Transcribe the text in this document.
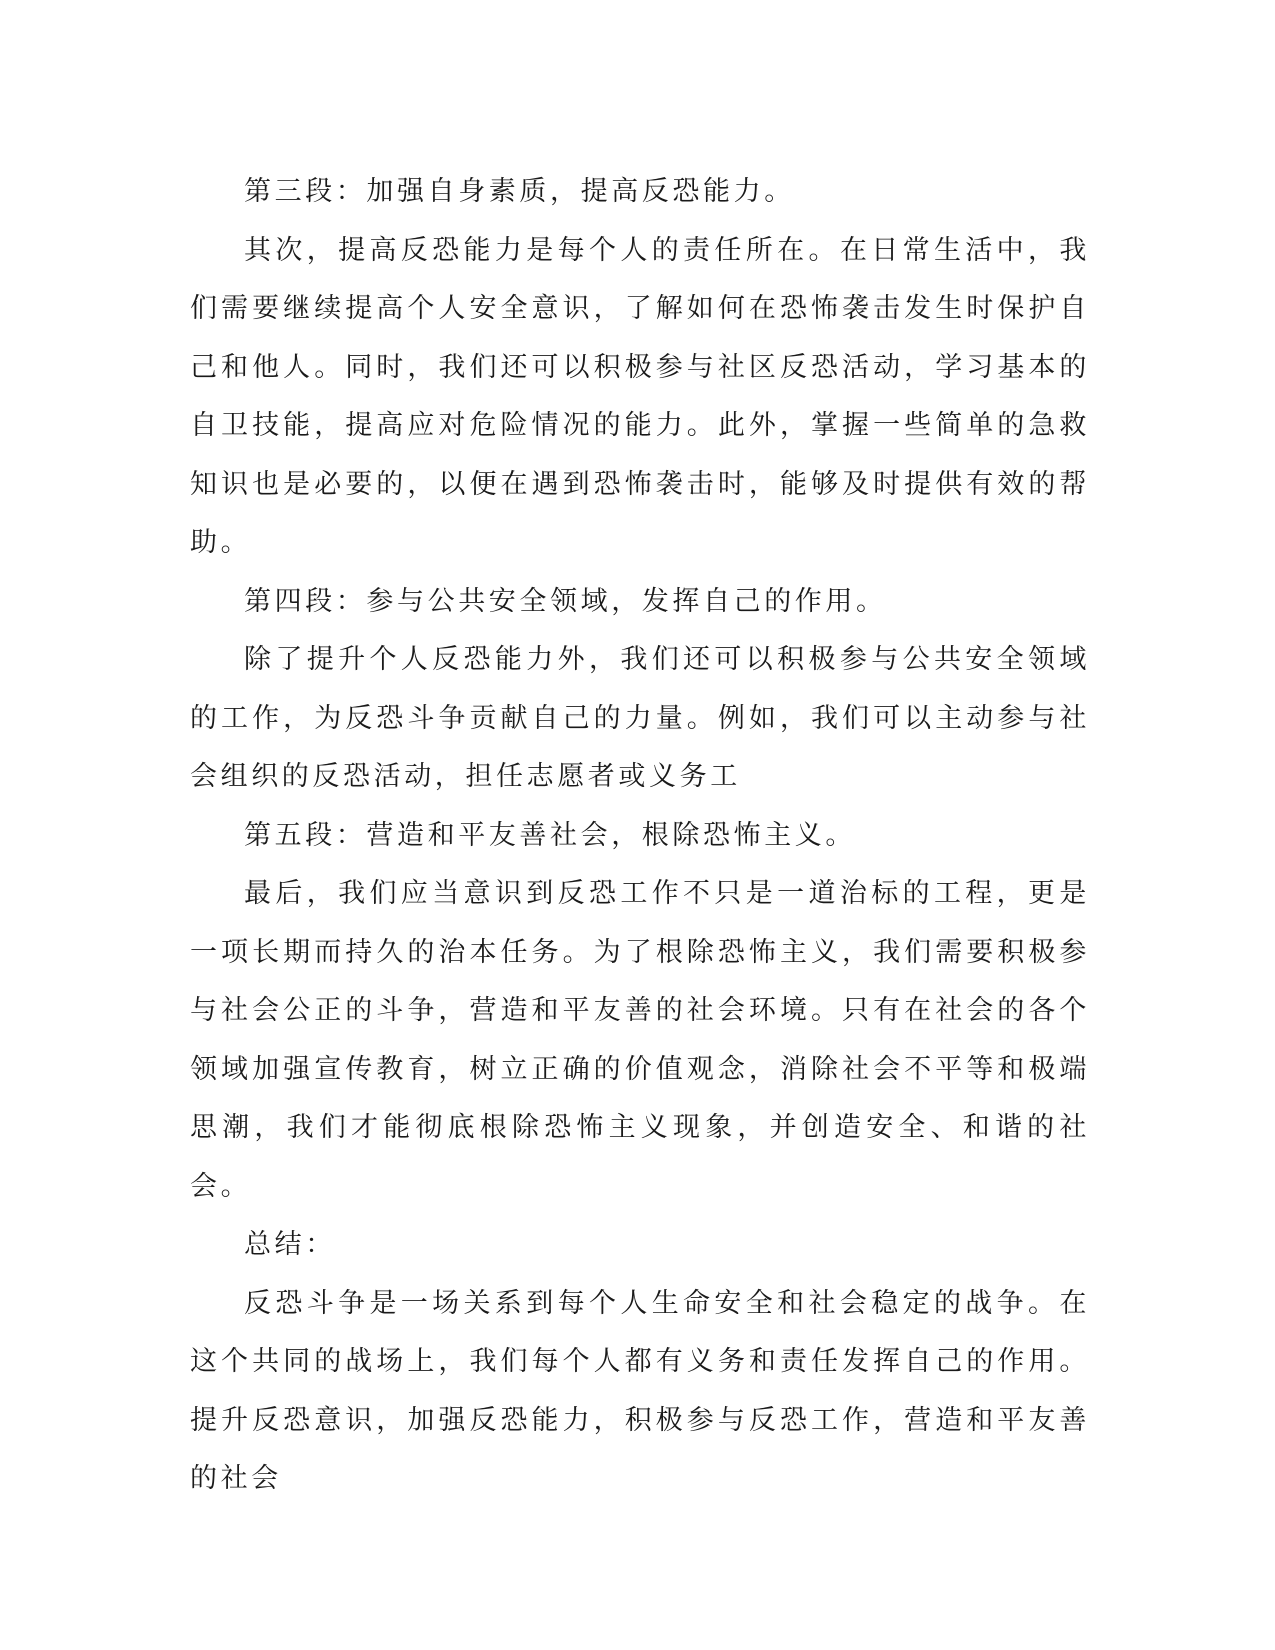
第三段：加强自身素质，提高反恐能力。

其次，提高反恐能力是每个人的责任所在。在日常生活中，我们需要继续提高个人安全意识，了解如何在恐怖袭击发生时保护自己和他人。同时，我们还可以积极参与社区反恐活动，学习基本的自卫技能，提高应对危险情况的能力。此外，掌握一些简单的急救知识也是必要的，以便在遇到恐怖袭击时，能够及时提供有效的帮助。

第四段：参与公共安全领域，发挥自己的作用。

除了提升个人反恐能力外，我们还可以积极参与公共安全领域的工作，为反恐斗争贡献自己的力量。例如，我们可以主动参与社会组织的反恐活动，担任志愿者或义务工

第五段：营造和平友善社会，根除恐怖主义。

最后，我们应当意识到反恐工作不只是一道治标的工程，更是一项长期而持久的治本任务。为了根除恐怖主义，我们需要积极参与社会公正的斗争，营造和平友善的社会环境。只有在社会的各个领域加强宣传教育，树立正确的价值观念，消除社会不平等和极端思潮，我们才能彻底根除恐怖主义现象，并创造安全、和谐的社会。

总结：

反恐斗争是一场关系到每个人生命安全和社会稳定的战争。在这个共同的战场上，我们每个人都有义务和责任发挥自己的作用。提升反恐意识，加强反恐能力，积极参与反恐工作，营造和平友善的社会
